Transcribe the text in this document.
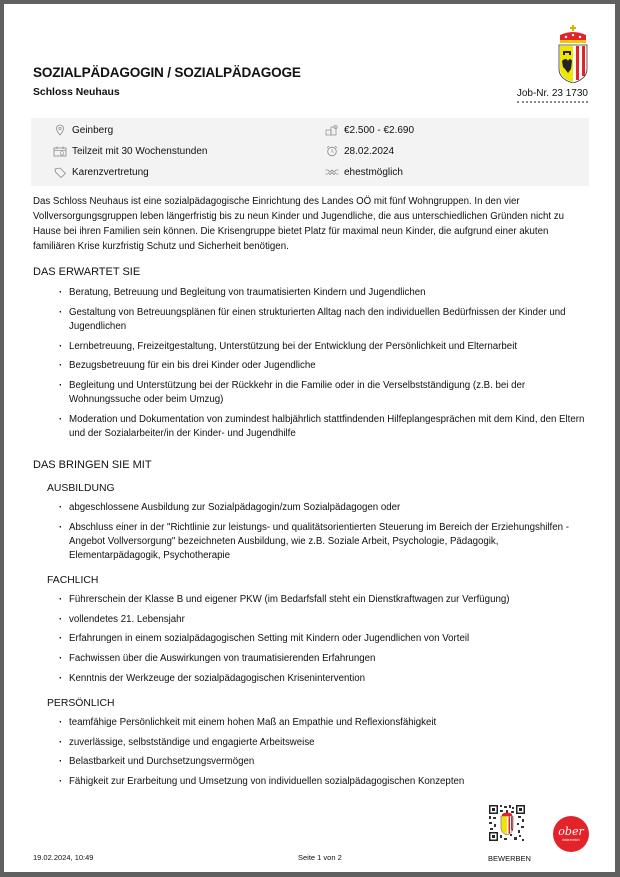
SOZIALPÄDAGOGIN / SOZIALPÄDAGOGE
Schloss Neuhaus	Job-Nr. 23 1730
Geinberg
Teilzeit mit 30 Wochenstunden
Karenzvertretung
€2.500 - €2.690
28.02.2024
ehestmöglich
Das Schloss Neuhaus ist eine sozialpädagogische Einrichtung des Landes OÖ mit fünf Wohngruppen. In den vier Vollversorgungsgruppen leben längerfristig bis zu neun Kinder und Jugendliche, die aus unterschiedlichen Gründen nicht zu Hause bei ihren Familien sein können. Die Krisengruppe bietet Platz für maximal neun Kinder, die aufgrund einer akuten familiären Krise kurzfristig Schutz und Sicherheit benötigen.
DAS ERWARTET SIE
· Beratung, Betreuung und Begleitung von traumatisierten Kindern und Jugendlichen
· Gestaltung von Betreuungsplänen für einen strukturierten Alltag nach den individuellen Bedürfnissen der Kinder und Jugendlichen
· Lernbetreuung, Freizeitgestaltung, Unterstützung bei der Entwicklung der Persönlichkeit und Elternarbeit
· Bezugsbetreuung für ein bis drei Kinder oder Jugendliche
· Begleitung und Unterstützung bei der Rückkehr in die Familie oder in die Verselbstständigung (z.B. bei der Wohnungssuche oder beim Umzug)
· Moderation und Dokumentation von zumindest halbjährlich stattfindenden Hilfeplangesprächen mit dem Kind, den Eltern und der Sozialarbeiter/in der Kinder- und Jugendhilfe
DAS BRINGEN SIE MIT
AUSBILDUNG
· abgeschlossene Ausbildung zur Sozialpädagogin/zum Sozialpädagogen oder
· Abschluss einer in der "Richtlinie zur leistungs- und qualitätsorientierten Steuerung im Bereich der Erziehungshilfen - Angebot Vollversorgung" bezeichneten Ausbildung, wie z.B. Soziale Arbeit, Psychologie, Pädagogik, Elementarpädagogik, Psychotherapie
FACHLICH
· Führerschein der Klasse B und eigener PKW (im Bedarfsfall steht ein Dienstkraftwagen zur Verfügung)
· vollendetes 21. Lebensjahr
· Erfahrungen in einem sozialpädagogischen Setting mit Kindern oder Jugendlichen von Vorteil
· Fachwissen über die Auswirkungen von traumatisierenden Erfahrungen
· Kenntnis der Werkzeuge der sozialpädagogischen Krisenintervention
PERSÖNLICH
· teamfähige Persönlichkeit mit einem hohen Maß an Empathie und Reflexionsfähigkeit
· zuverlässige, selbstständige und engagierte Arbeitsweise
· Belastbarkeit und Durchsetzungsvermögen
· Fähigkeit zur Erarbeitung und Umsetzung von individuellen sozialpädagogischen Konzepten
BEWERBEN
ober
österreich
19.02.2024, 10:49	Seite 1 von 2
